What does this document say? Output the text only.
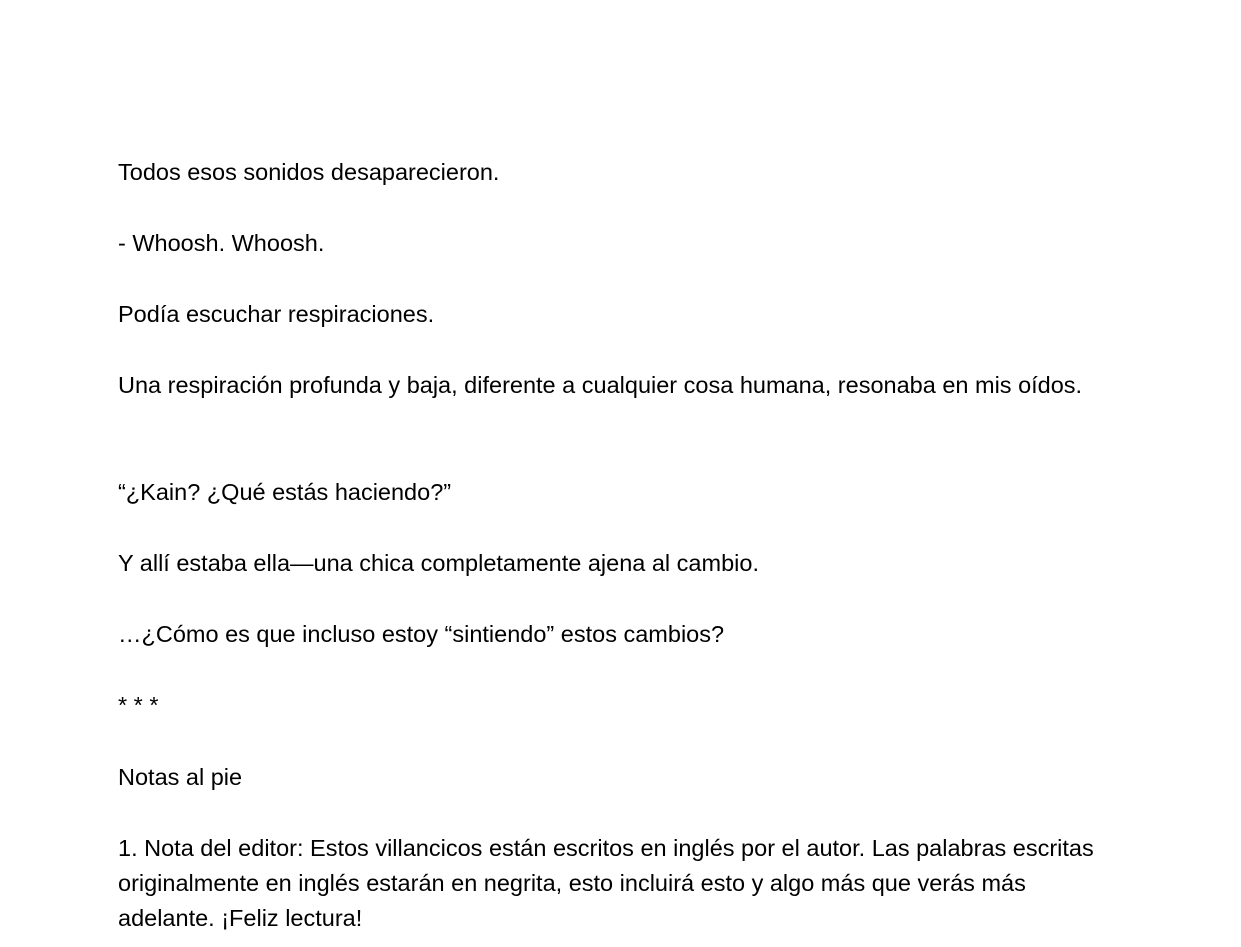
Todos esos sonidos desaparecieron.

- Whoosh. Whoosh.

Podía escuchar respiraciones.

Una respiración profunda y baja, diferente a cualquier cosa humana, resonaba en mis oídos.

“¿Kain? ¿Qué estás haciendo?”

Y allí estaba ella—una chica completamente ajena al cambio.

…¿Cómo es que incluso estoy “sintiendo” estos cambios?

* * *

Notas al pie

1. Nota del editor: Estos villancicos están escritos en inglés por el autor. Las palabras escritas originalmente en inglés estarán en negrita, esto incluirá esto y algo más que verás más adelante. ¡Feliz lectura!
